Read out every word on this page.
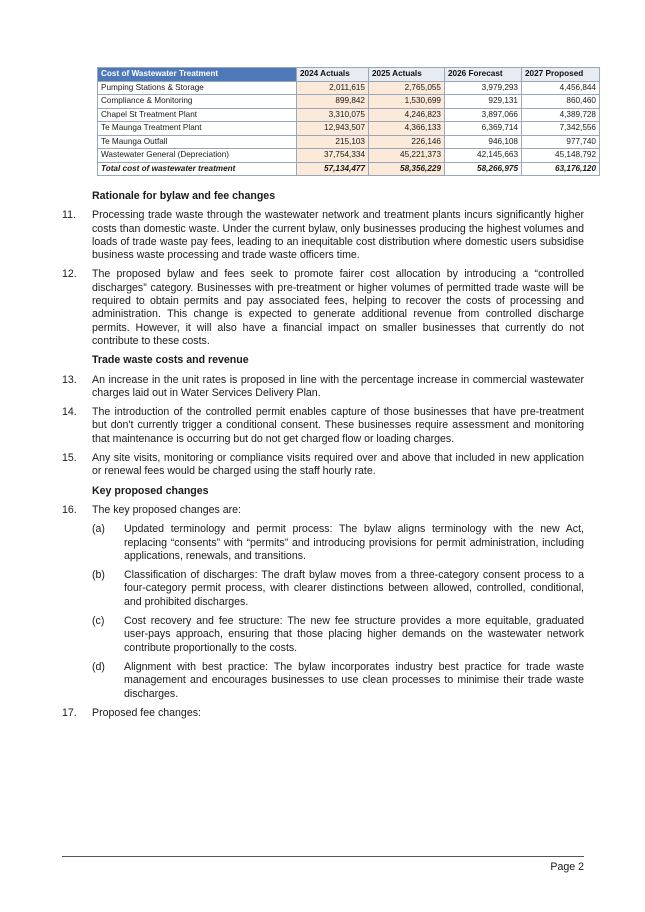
Cost of Wastewater Treatment	2024 Actuals	2025 Actuals	2026 Forecast	2027 Proposed
Pumping Stations & Storage	2,011,615	2,765,055	3,979,293	4,456,844
Compliance & Monitoring	899,842	1,530,699	929,131	860,460
Chapel St Treatment Plant	3,310,075	4,246,823	3,897,066	4,389,728
Te Maunga Treatment Plant	12,943,507	4,366,133	6,369,714	7,342,556
Te Maunga Outfall	215,103	226,146	946,108	977,740
Wastewater General (Depreciation)	37,754,334	45,221,373	42,145,663	45,148,792
Total cost of wastewater treatment	57,134,477	58,356,229	58,266,975	63,176,120
Rationale for bylaw and fee changes
11.	Processing trade waste through the wastewater network and treatment plants incurs significantly higher costs than domestic waste. Under the current bylaw, only businesses producing the highest volumes and loads of trade waste pay fees, leading to an inequitable cost distribution where domestic users subsidise business waste processing and trade waste officers time.
12.	The proposed bylaw and fees seek to promote fairer cost allocation by introducing a “controlled discharges” category. Businesses with pre-treatment or higher volumes of permitted trade waste will be required to obtain permits and pay associated fees, helping to recover the costs of processing and administration. This change is expected to generate additional revenue from controlled discharge permits. However, it will also have a financial impact on smaller businesses that currently do not contribute to these costs.
Trade waste costs and revenue
13.	An increase in the unit rates is proposed in line with the percentage increase in commercial wastewater charges laid out in Water Services Delivery Plan.
14.	The introduction of the controlled permit enables capture of those businesses that have pre-treatment but don't currently trigger a conditional consent. These businesses require assessment and monitoring that maintenance is occurring but do not get charged flow or loading charges.
15.	Any site visits, monitoring or compliance visits required over and above that included in new application or renewal fees would be charged using the staff hourly rate.
Key proposed changes
16.	The key proposed changes are:
(a)	Updated terminology and permit process: The bylaw aligns terminology with the new Act, replacing “consents” with “permits” and introducing provisions for permit administration, including applications, renewals, and transitions.
(b)	Classification of discharges: The draft bylaw moves from a three-category consent process to a four-category permit process, with clearer distinctions between allowed, controlled, conditional, and prohibited discharges.
(c)	Cost recovery and fee structure: The new fee structure provides a more equitable, graduated user-pays approach, ensuring that those placing higher demands on the wastewater network contribute proportionally to the costs.
(d)	Alignment with best practice: The bylaw incorporates industry best practice for trade waste management and encourages businesses to use clean processes to minimise their trade waste discharges.
17.	Proposed fee changes:
Page 2
